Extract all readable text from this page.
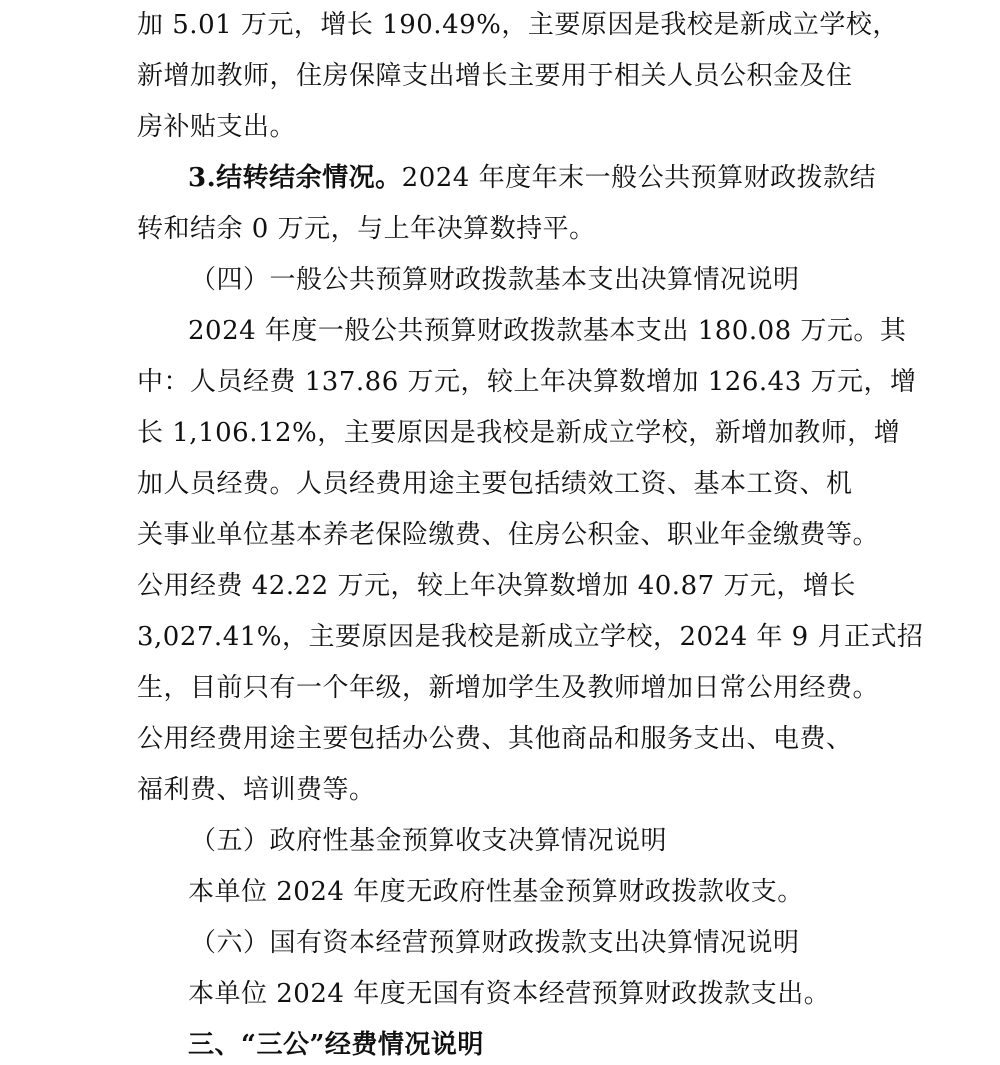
加 5.01 万元，增长 190.49%，主要原因是我校是新成立学校，
新增加教师，住房保障支出增长主要用于相关人员公积金及住
房补贴支出。
3.结转结余情况。2024 年度年末一般公共预算财政拨款结
转和结余 0 万元，与上年决算数持平。
（四）一般公共预算财政拨款基本支出决算情况说明
2024 年度一般公共预算财政拨款基本支出 180.08 万元。其
中：人员经费 137.86 万元，较上年决算数增加 126.43 万元，增
长 1,106.12%，主要原因是我校是新成立学校，新增加教师，增
加人员经费。人员经费用途主要包括绩效工资、基本工资、机
关事业单位基本养老保险缴费、住房公积金、职业年金缴费等。
公用经费 42.22 万元，较上年决算数增加 40.87 万元，增长
3,027.41%，主要原因是我校是新成立学校，2024 年 9 月正式招
生，目前只有一个年级，新增加学生及教师增加日常公用经费。
公用经费用途主要包括办公费、其他商品和服务支出、电费、
福利费、培训费等。
（五）政府性基金预算收支决算情况说明
本单位 2024 年度无政府性基金预算财政拨款收支。
（六）国有资本经营预算财政拨款支出决算情况说明
本单位 2024 年度无国有资本经营预算财政拨款支出。
三、“三公”经费情况说明
